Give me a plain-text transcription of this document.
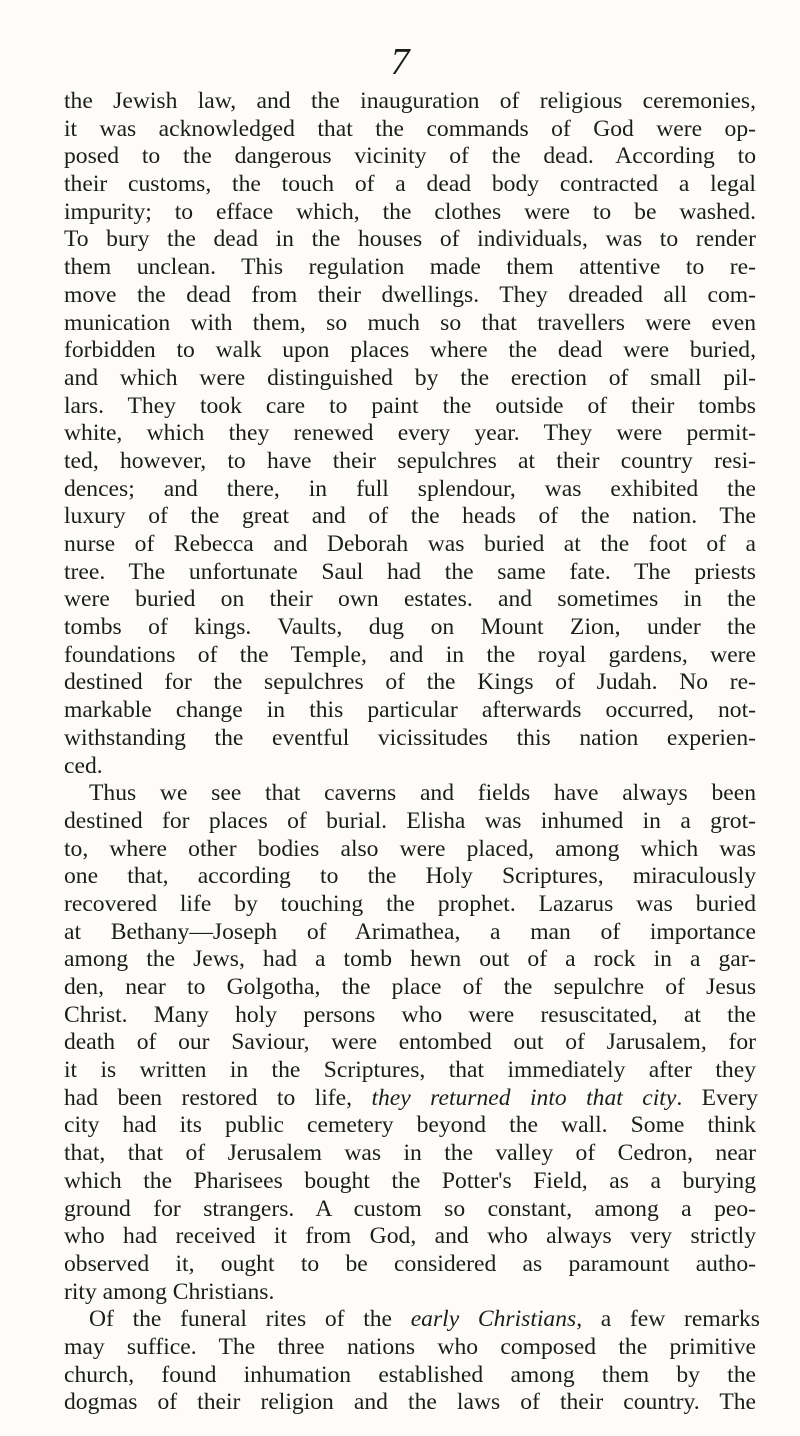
7
the Jewish law, and the inauguration of religious ceremonies,
it was acknowledged that the commands of God were op-
posed to the dangerous vicinity of the dead. According to
their customs, the touch of a dead body contracted a legal
impurity; to efface which, the clothes were to be washed.
To bury the dead in the houses of individuals, was to render
them unclean. This regulation made them attentive to re-
move the dead from their dwellings. They dreaded all com-
munication with them, so much so that travellers were even
forbidden to walk upon places where the dead were buried,
and which were distinguished by the erection of small pil-
lars. They took care to paint the outside of their tombs
white, which they renewed every year. They were permit-
ted, however, to have their sepulchres at their country resi-
dences; and there, in full splendour, was exhibited the
luxury of the great and of the heads of the nation. The
nurse of Rebecca and Deborah was buried at the foot of a
tree. The unfortunate Saul had the same fate. The priests
were buried on their own estates. and sometimes in the
tombs of kings. Vaults, dug on Mount Zion, under the
foundations of the Temple, and in the royal gardens, were
destined for the sepulchres of the Kings of Judah. No re-
markable change in this particular afterwards occurred, not-
withstanding the eventful vicissitudes this nation experien-
ced.
Thus we see that caverns and fields have always been
destined for places of burial. Elisha was inhumed in a grot-
to, where other bodies also were placed, among which was
one that, according to the Holy Scriptures, miraculously
recovered life by touching the prophet. Lazarus was buried
at Bethany—Joseph of Arimathea, a man of importance
among the Jews, had a tomb hewn out of a rock in a gar-
den, near to Golgotha, the place of the sepulchre of Jesus
Christ. Many holy persons who were resuscitated, at the
death of our Saviour, were entombed out of Jarusalem, for
it is written in the Scriptures, that immediately after they
had been restored to life, they returned into that city. Every
city had its public cemetery beyond the wall. Some think
that, that of Jerusalem was in the valley of Cedron, near
which the Pharisees bought the Potter's Field, as a burying
ground for strangers. A custom so constant, among a peo-
who had received it from God, and who always very strictly
observed it, ought to be considered as paramount autho-
rity among Christians.
Of the funeral rites of the early Christians, a few remarks
may suffice. The three nations who composed the primitive
church, found inhumation established among them by the
dogmas of their religion and the laws of their country. The
